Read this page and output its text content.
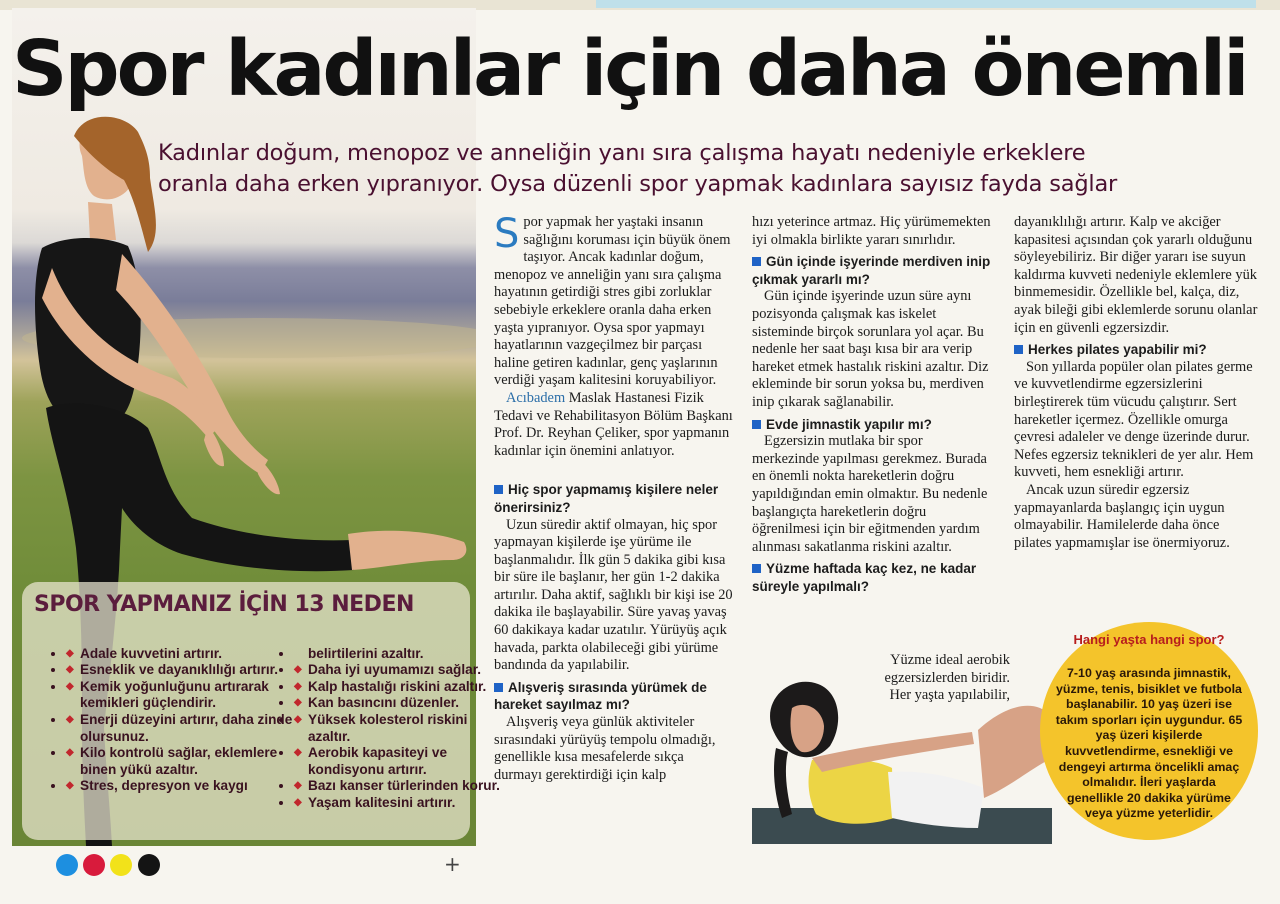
Spor kadınlar için daha önemli
Kadınlar doğum, menopoz ve anneliğin yanı sıra çalışma hayatı nedeniyle erkeklere
oranla daha erken yıpranıyor. Oysa düzenli spor yapmak kadınlara sayısız fayda sağlar

Spor yapmak her yaştaki insanın sağlığını koruması için büyük önem taşıyor. Ancak kadınlar doğum, menopoz ve anneliğin yanı sıra çalışma hayatının getirdiği stres gibi zorluklar sebebiyle erkeklere oranla daha erken yaşta yıpranıyor. Oysa spor yapmayı hayatlarının vazgeçilmez bir parçası haline getiren kadınlar, genç yaşlarının verdiği yaşam kalitesini koruyabiliyor.

Acıbadem Maslak Hastanesi Fizik Tedavi ve Rehabilitasyon Bölüm Başkanı Prof. Dr. Reyhan Çeliker, spor yapmanın kadınlar için önemini anlatıyor.

Hiç spor yapmamış kişilere neler önerirsiniz?

Uzun süredir aktif olmayan, hiç spor yapmayan kişilerde işe yürüme ile başlanmalıdır. İlk gün 5 dakika gibi kısa bir süre ile başlanır, her gün 1-2 dakika artırılır. Daha aktif, sağlıklı bir kişi ise 20 dakika ile başlayabilir. Süre yavaş yavaş 60 dakikaya kadar uzatılır. Yürüyüş açık havada, parkta olabileceği gibi yürüme bandında da yapılabilir.

Alışveriş sırasında yürümek de hareket sayılmaz mı?

Alışveriş veya günlük aktiviteler sırasındaki yürüyüş tempolu olmadığı, genellikle kısa mesafelerde sıkça durmayı gerektirdiği için kalp

hızı yeterince artmaz. Hiç yürümemekten iyi olmakla birlikte yararı sınırlıdır.

Gün içinde işyerinde merdiven inip çıkmak yararlı mı?

Gün içinde işyerinde uzun süre aynı pozisyonda çalışmak kas iskelet sisteminde birçok sorunlara yol açar. Bu nedenle her saat başı kısa bir ara verip hareket etmek hastalık riskini azaltır. Diz ekleminde bir sorun yoksa bu, merdiven inip çıkarak sağlanabilir.

Evde jimnastik yapılır mı?

Egzersizin mutlaka bir spor merkezinde yapılması gerekmez. Burada en önemli nokta hareketlerin doğru yapıldığından emin olmaktır. Bu nedenle başlangıçta hareketlerin doğru öğrenilmesi için bir eğitmenden yardım alınması sakatlanma riskini azaltır.

Yüzme haftada kaç kez, ne kadar süreyle yapılmalı?

dayanıklılığı artırır. Kalp ve akciğer kapasitesi açısından çok yararlı olduğunu söyleyebiliriz. Bir diğer yararı ise suyun kaldırma kuvveti nedeniyle eklemlere yük binmemesidir. Özellikle bel, kalça, diz, ayak bileği gibi eklemlerde sorunu olanlar için en güvenli egzersizdir.

Herkes pilates yapabilir mi?

Son yıllarda popüler olan pilates germe ve kuvvetlendirme egzersizlerini birleştirerek tüm vücudu çalıştırır. Sert hareketler içermez. Özellikle omurga çevresi adaleler ve denge üzerinde durur. Nefes egzersiz teknikleri de yer alır. Hem kuvveti, hem esnekliği artırır.

Ancak uzun süredir egzersiz yapmayanlarda başlangıç için uygun olmayabilir. Hamilelerde daha önce pilates yapmamışlar ise önermiyoruz.

SPOR YAPMANIZ İÇİN 13 NEDEN
◆ • Adale kuvvetini artırır.
◆ • Esneklik ve dayanıklılığı artırır.
◆ • Kemik yoğunluğunu artırarak kemikleri güçlendirir.
◆ • Enerji düzeyini artırır, daha zinde olursunuz.
◆ • Kilo kontrolü sağlar, eklemlere binen yükü azaltır.
◆ • Stres, depresyon ve kaygı
• belirtilerini azaltır.
◆ • Daha iyi uyumamızı sağlar.
◆ • Kalp hastalığı riskini azaltır.
◆ • Kan basıncını düzenler.
◆ • Yüksek kolesterol riskini azaltır.
◆ • Aerobik kapasiteyi ve kondisyonu artırır.
◆ • Bazı kanser türlerinden korur.
◆ • Yaşam kalitesini artırır.

Yüzme ideal aerobik

egzersizlerden biridir.

Her yaşta yapılabilir,

Hangi yaşta hangi spor?

7-10 yaş arasında jimnastik, yüzme, tenis, bisiklet ve futbola başlanabilir. 10 yaş üzeri ise takım sporları için uygundur. 65 yaş üzeri kişilerde kuvvetlendirme, esnekliği ve dengeyi artırma öncelikli amaç olmalıdır. İleri yaşlarda genellikle 20 dakika yürüme veya yüzme yeterlidir.

+
